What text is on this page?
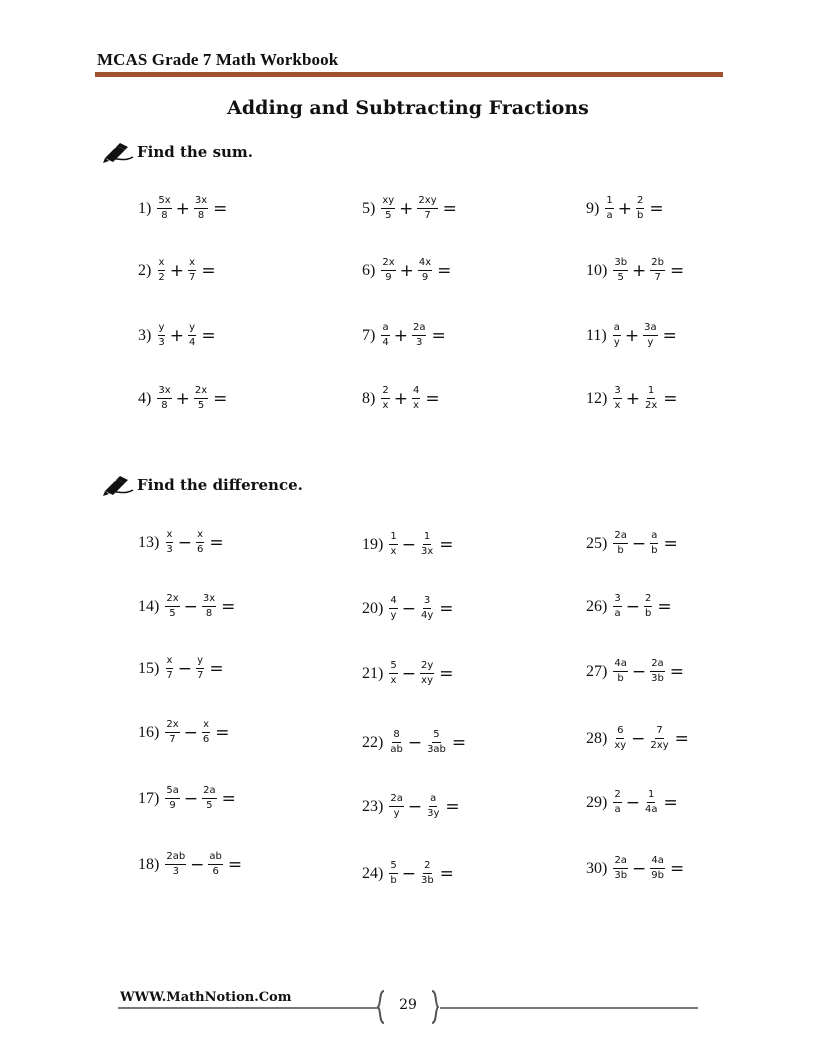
MCAS Grade 7 Math Workbook
Adding and Subtracting Fractions
Find the sum.
Find the difference.
$1) \frac{5x}{8} + \frac{3x}{8}$ =
$2) \frac{x}{2} + \frac{x}{7}$ =
$3) \frac{y}{3} + \frac{y}{4}$ =
$4) \frac{3x}{8} + \frac{2x}{5}$ =
$5) \frac{xy}{5} + \frac{2xy}{7}$ =
$6) \frac{2x}{9} + \frac{4x}{9}$ =
$7) \frac{a}{4} + \frac{2a}{3}$ =
$8) \frac{2}{x} + \frac{4}{x}$ =
$9) \frac{1}{a} + \frac{2}{b}$ =
$10) \frac{3b}{5} + \frac{2b}{7}$ =
$11) \frac{a}{y} + \frac{3a}{y}$ =
$12) \frac{3}{x} + \frac{1}{2x}$ =
$13) \frac{x}{3} - \frac{x}{6}$ =
$14) \frac{2x}{5} - \frac{3x}{8}$ =
$15) \frac{x}{7} - \frac{y}{7}$ =
$16) \frac{2x}{7} - \frac{x}{6}$ =
$17) \frac{5a}{9} - \frac{2a}{5}$ =
$18) \frac{2ab}{3} - \frac{ab}{6}$ =
$19) \frac{1}{x} - \frac{1}{3x}$ =
$20) \frac{4}{y} - \frac{3}{4y}$ =
$21) \frac{5}{x} - \frac{2y}{xy}$ =
$22) \frac{8}{ab} - \frac{5}{3ab}$ =
$23) \frac{2a}{y} - \frac{a}{3y}$ =
$24) \frac{5}{b} - \frac{2}{3b}$ =
$25) \frac{2a}{b} - \frac{a}{b}$ =
$26) \frac{3}{a} - \frac{2}{b}$ =
$27) \frac{4a}{b} - \frac{2a}{3b}$ =
$28) \frac{6}{xy} - \frac{7}{2xy}$ =
$29) \frac{2}{a} - \frac{1}{4a}$ =
$30) \frac{2a}{3b} - \frac{4a}{9b}$ =
WWW.MathNotion.Com	29
